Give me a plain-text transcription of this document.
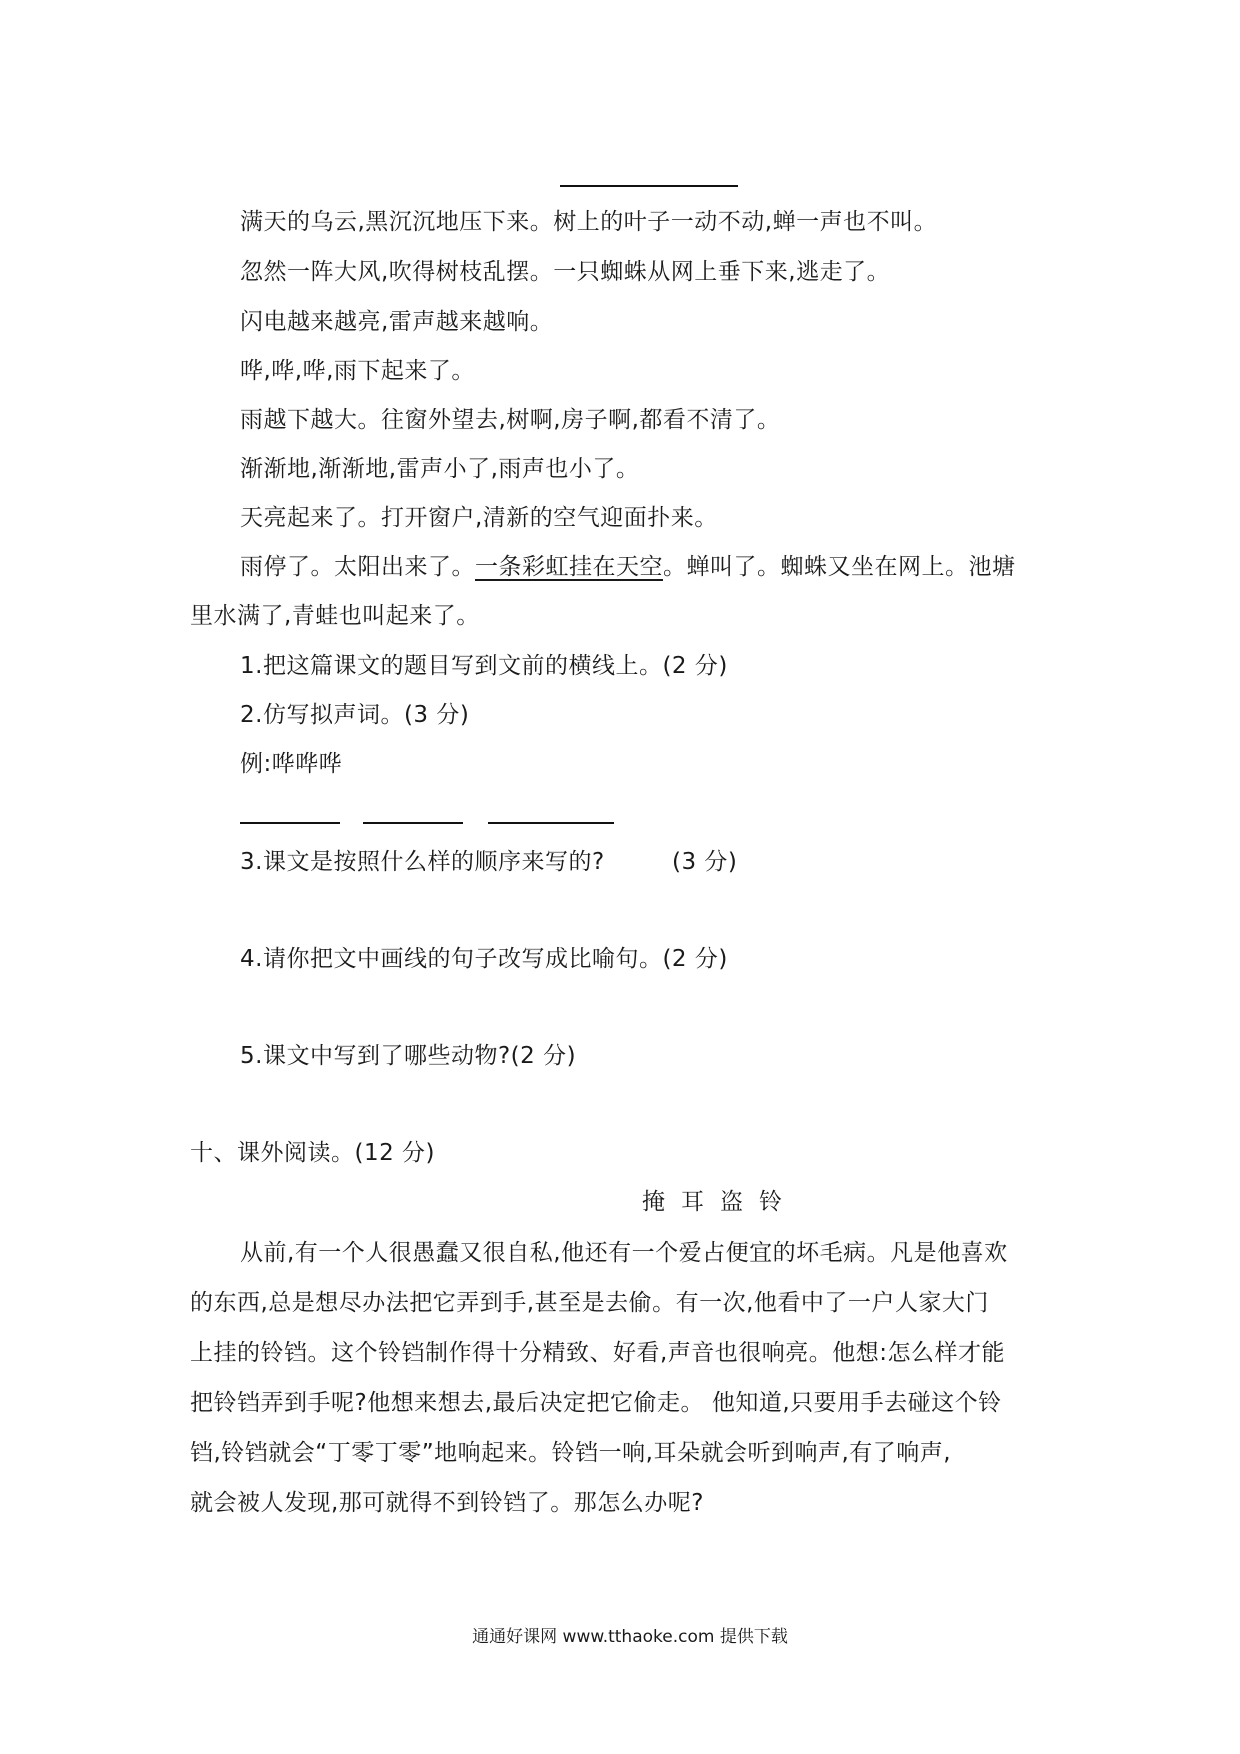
满天的乌云,黑沉沉地压下来。树上的叶子一动不动,蝉一声也不叫。
忽然一阵大风,吹得树枝乱摆。一只蜘蛛从网上垂下来,逃走了。
闪电越来越亮,雷声越来越响。
哗,哗,哗,雨下起来了。
雨越下越大。往窗外望去,树啊,房子啊,都看不清了。
渐渐地,渐渐地,雷声小了,雨声也小了。
天亮起来了。打开窗户,清新的空气迎面扑来。
雨停了。太阳出来了。一条彩虹挂在天空。蝉叫了。蜘蛛又坐在网上。池塘
里水满了,青蛙也叫起来了。
1.把这篇课文的题目写到文前的横线上。(2 分)
2.仿写拟声词。(3 分)
例:哗哗哗
3.课文是按照什么样的顺序来写的?	(3 分)
4.请你把文中画线的句子改写成比喻句。(2 分)
5.课文中写到了哪些动物?(2 分)
十、课外阅读。(12 分)
掩耳盗铃
从前,有一个人很愚蠢又很自私,他还有一个爱占便宜的坏毛病。凡是他喜欢
的东西,总是想尽办法把它弄到手,甚至是去偷。有一次,他看中了一户人家大门
上挂的铃铛。这个铃铛制作得十分精致、好看,声音也很响亮。他想:怎么样才能
把铃铛弄到手呢?他想来想去,最后决定把它偷走。 他知道,只要用手去碰这个铃
铛,铃铛就会“丁零丁零”地响起来。铃铛一响,耳朵就会听到响声,有了响声,
就会被人发现,那可就得不到铃铛了。那怎么办呢?
通通好课网 www.tthaoke.com 提供下载
